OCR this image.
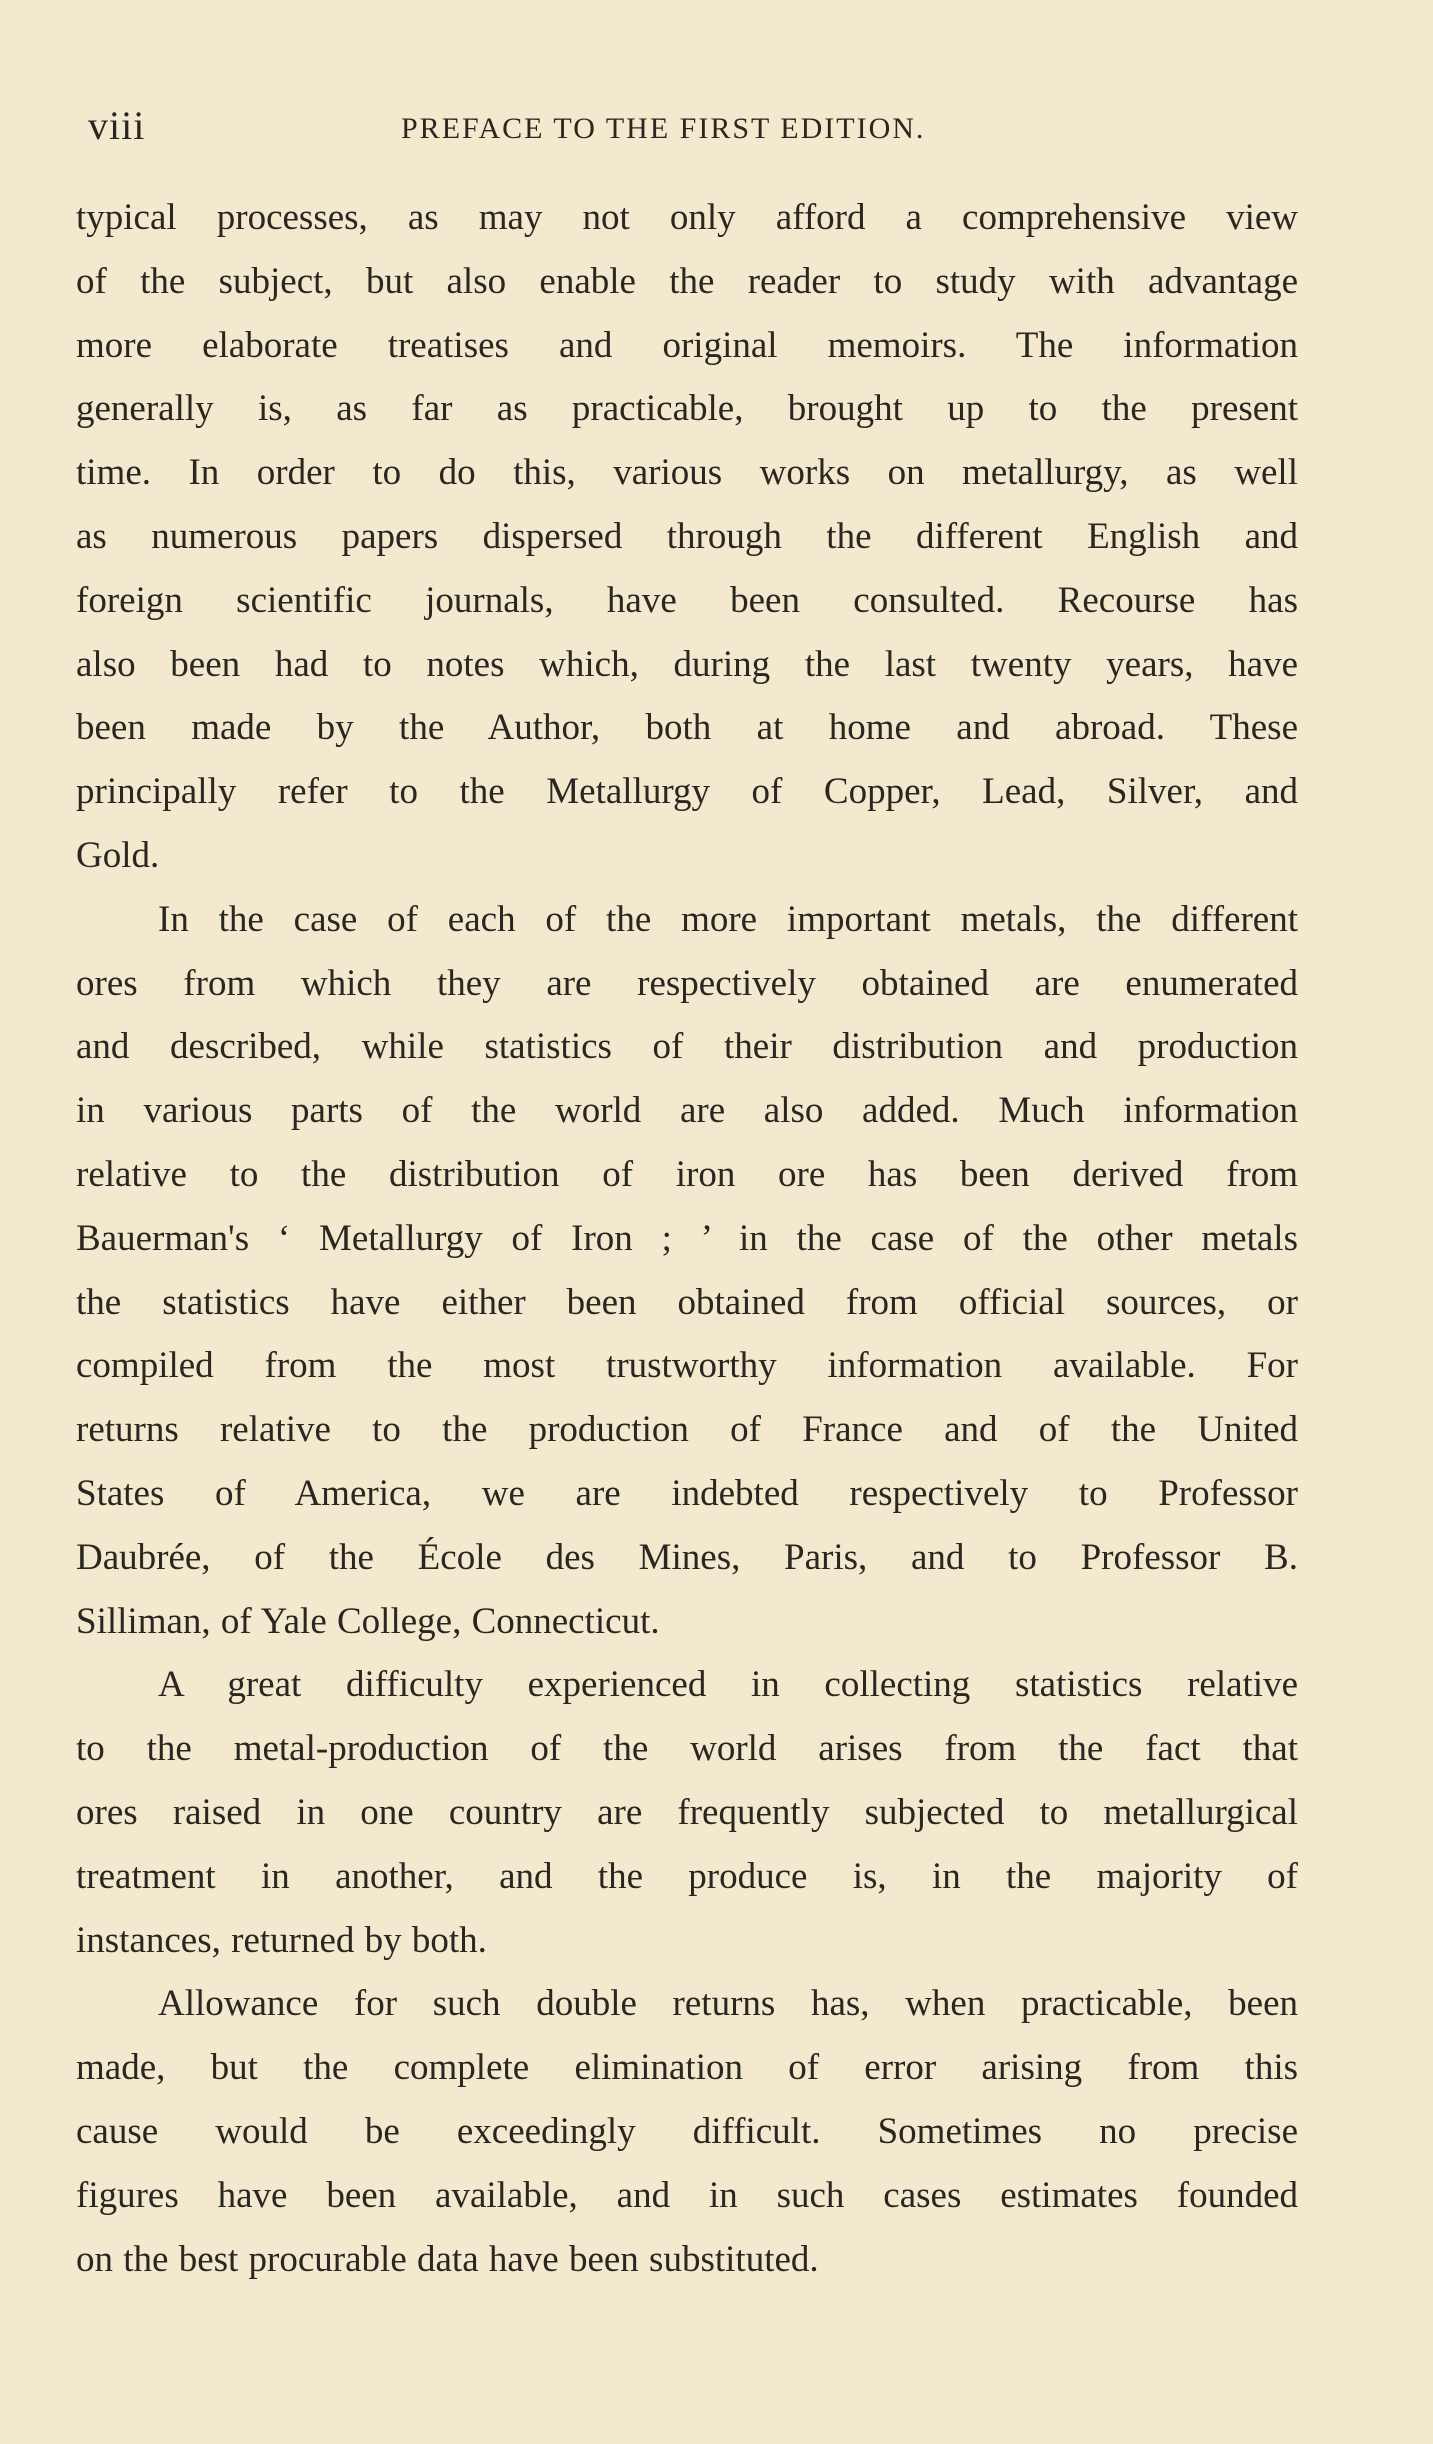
viii	PREFACE TO THE FIRST EDITION.

typical processes, as may not only afford a comprehensive view
of the subject, but also enable the reader to study with advantage
more elaborate treatises and original memoirs. The information
generally is, as far as practicable, brought up to the present
time. In order to do this, various works on metallurgy, as well
as numerous papers dispersed through the different English and
foreign scientific journals, have been consulted. Recourse has
also been had to notes which, during the last twenty years, have
been made by the Author, both at home and abroad. These
principally refer to the Metallurgy of Copper, Lead, Silver, and
Gold.

In the case of each of the more important metals, the different
ores from which they are respectively obtained are enumerated
and described, while statistics of their distribution and production
in various parts of the world are also added. Much information
relative to the distribution of iron ore has been derived from
Bauerman's ‘ Metallurgy of Iron ; ’ in the case of the other metals
the statistics have either been obtained from official sources, or
compiled from the most trustworthy information available. For
returns relative to the production of France and of the United
States of America, we are indebted respectively to Professor
Daubrée, of the École des Mines, Paris, and to Professor B.
Silliman, of Yale College, Connecticut.

A great difficulty experienced in collecting statistics relative
to the metal-production of the world arises from the fact that
ores raised in one country are frequently subjected to metallurgical
treatment in another, and the produce is, in the majority of
instances, returned by both.

Allowance for such double returns has, when practicable, been
made, but the complete elimination of error arising from this
cause would be exceedingly difficult. Sometimes no precise
figures have been available, and in such cases estimates founded
on the best procurable data have been substituted.
